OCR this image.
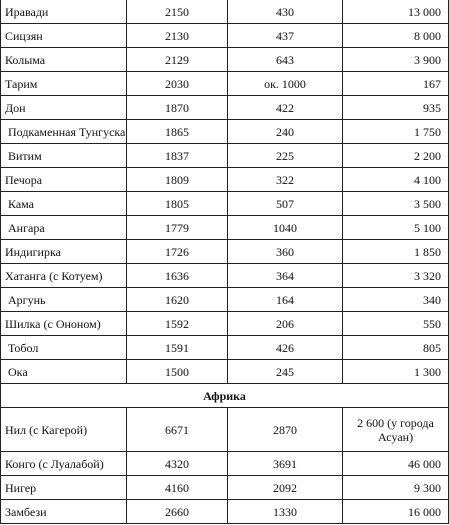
Иравади	2150	430	13 000
Сицзян	2130	437	8 000
Колыма	2129	643	3 900
Тарим	2030	ок. 1000	167
Дон	1870	422	935
Подкаменная Тунгуска	1865	240	1 750
Витим	1837	225	2 200
Печора	1809	322	4 100
Кама	1805	507	3 500
Ангара	1779	1040	5 100
Индигирка	1726	360	1 850
Хатанга (с Котуем)	1636	364	3 320
Аргунь	1620	164	340
Шилка (с Ононом)	1592	206	550
Тобол	1591	426	805
Ока	1500	245	1 300
Африка			
Нил (с Кагерой)	6671	2870	2 600 (у города Асуан)
Конго (с Луалабой)	4320	3691	46 000
Нигер	4160	2092	9 300
Замбези	2660	1330	16 000
